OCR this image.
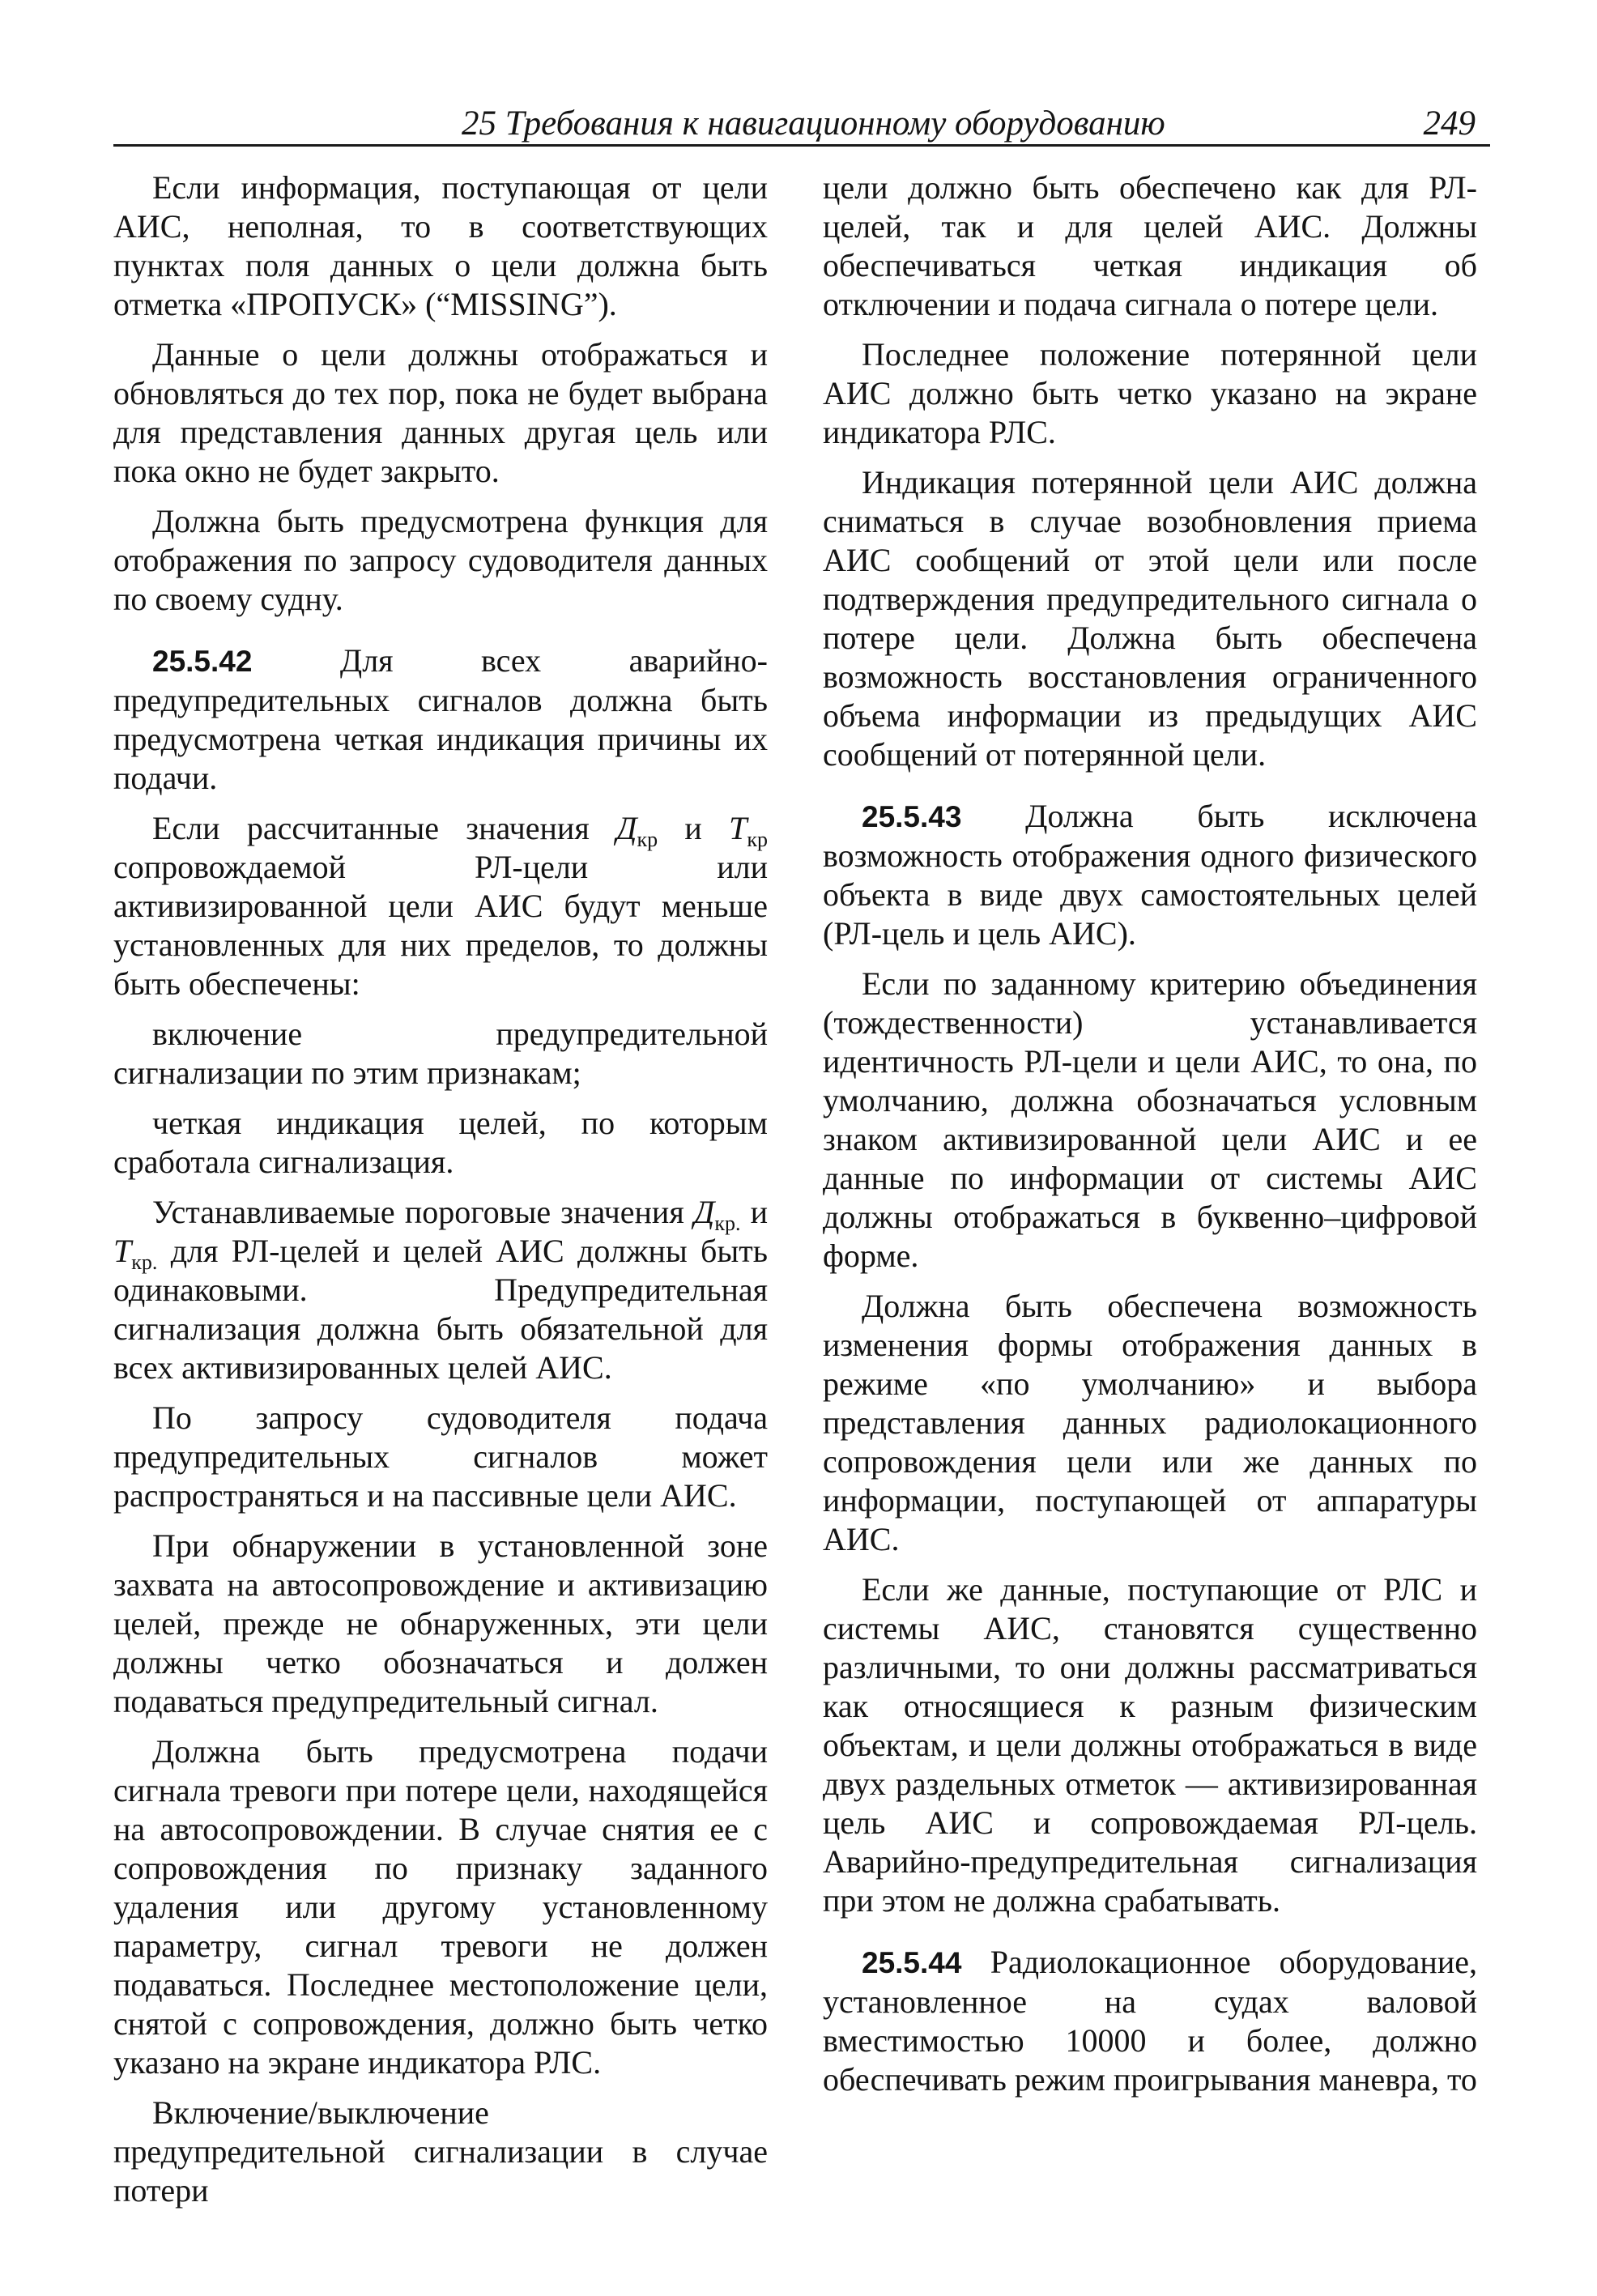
25 Требования к навигационному оборудованию	249

Если информация, поступающая от цели АИС, неполная, то в соответствующих пунктах поля данных о цели должна быть отметка «ПРОПУСК» (“MISSING”).

Данные о цели должны отображаться и обновляться до тех пор, пока не будет выбрана для представления данных другая цель или пока окно не будет закрыто.

Должна быть предусмотрена функция для отображения по запросу судоводителя данных по своему судну.

25.5.42 Для всех аварийно-предупредительных сигналов должна быть предусмотрена четкая индикация причины их подачи.

Если рассчитанные значения $Д_{кр}$ и $Т_{кр}$ сопровождаемой РЛ-цели или активизированной цели АИС будут меньше установленных для них пределов, то должны быть обеспечены:

включение предупредительной сигнализации по этим признакам;

четкая индикация целей, по которым сработала сигнализация.

Устанавливаемые пороговые значения $Д_{кр.}$ и $Т_{кр.}$ для РЛ-целей и целей АИС должны быть одинаковыми. Предупредительная сигнализация должна быть обязательной для всех активизированных целей АИС.

По запросу судоводителя подача предупредительных сигналов может распространяться и на пассивные цели АИС.

При обнаружении в установленной зоне захвата на автосопровождение и активизацию целей, прежде не обнаруженных, эти цели должны четко обозначаться и должен подаваться предупредительный сигнал.

Должна быть предусмотрена подачи сигнала тревоги при потере цели, находящейся на автосопровождении. В случае снятия ее с сопровождения по признаку заданного удаления или другому установленному параметру, сигнал тревоги не должен подаваться. Последнее местоположение цели, снятой с сопровождения, должно быть четко указано на экране индикатора РЛС.

Включение/выключение предупредительной сигнализации в случае потери

цели должно быть обеспечено как для РЛ-целей, так и для целей АИС. Должны обеспечиваться четкая индикация об отключении и подача сигнала о потере цели.

Последнее положение потерянной цели АИС должно быть четко указано на экране индикатора РЛС.

Индикация потерянной цели АИС должна сниматься в случае возобновления приема АИС сообщений от этой цели или после подтверждения предупредительного сигнала о потере цели. Должна быть обеспечена возможность восстановления ограниченного объема информации из предыдущих АИС сообщений от потерянной цели.

25.5.43 Должна быть исключена возможность отображения одного физического объекта в виде двух самостоятельных целей (РЛ-цель и цель АИС).

Если по заданному критерию объединения (тождественности) устанавливается идентичность РЛ-цели и цели АИС, то она, по умолчанию, должна обозначаться условным знаком активизированной цели АИС и ее данные по информации от системы АИС должны отображаться в буквенно–цифровой форме.

Должна быть обеспечена возможность изменения формы отображения данных в режиме «по умолчанию» и выбора представления данных радиолокационного сопровождения цели или же данных по информации, поступающей от аппаратуры АИС.

Если же данные, поступающие от РЛС и системы АИС, становятся существенно различными, то они должны рассматриваться как относящиеся к разным физическим объектам, и цели должны отображаться в виде двух раздельных отметок — активизированная цель АИС и сопровождаемая РЛ-цель. Аварийно-предупредительная сигнализация при этом не должна срабатывать.

25.5.44 Радиолокационное оборудование, установленное на судах валовой вместимостью 10000 и более, должно обеспечивать режим проигрывания маневра, то
